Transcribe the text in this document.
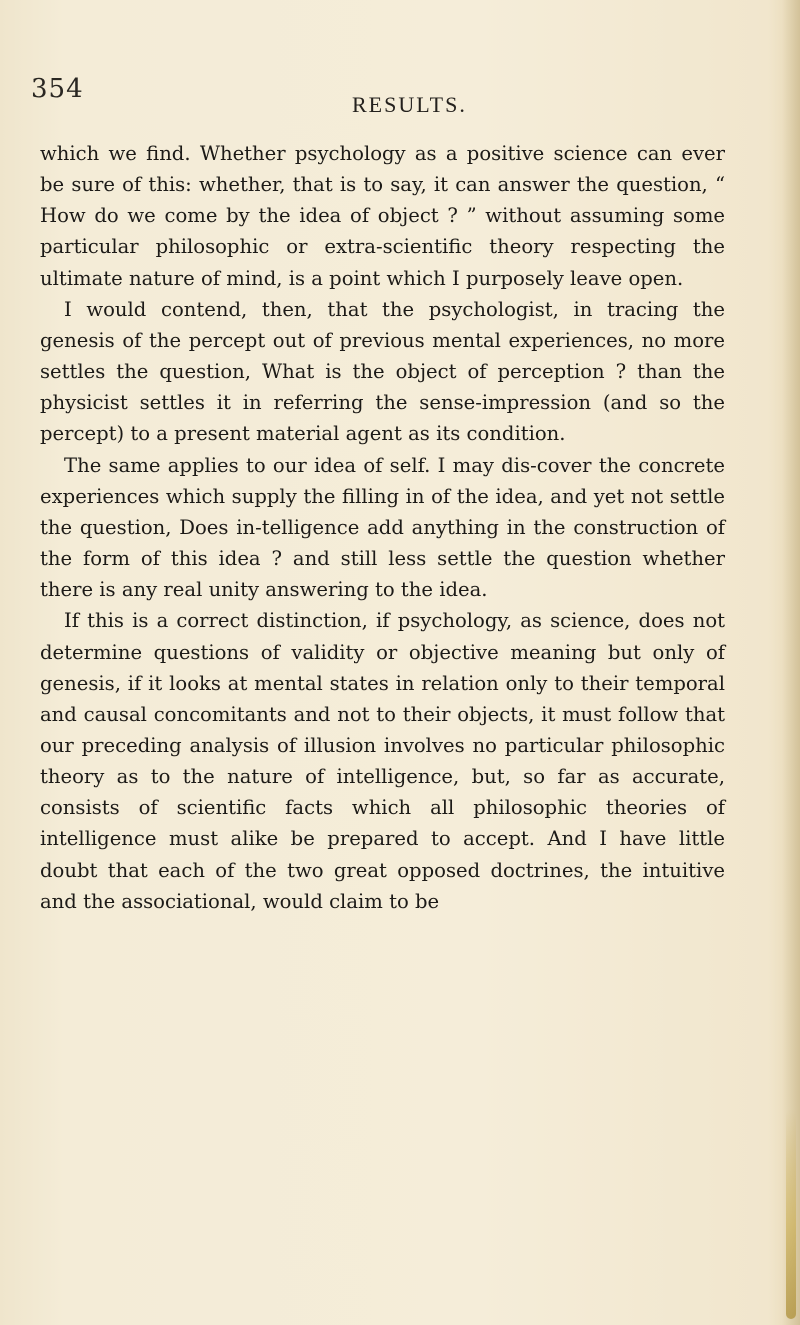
354
RESULTS.

which we find. Whether psychology as a positive science can ever be sure of this: whether, that is to say, it can answer the question, “ How do we come by the idea of object ? ” without assuming some particular philosophic or extra-scientific theory respecting the ultimate nature of mind, is a point which I purposely leave open.

I would contend, then, that the psychologist, in tracing the genesis of the percept out of previous mental experiences, no more settles the question, What is the object of perception ? than the physicist settles it in referring the sense-impression (and so the percept) to a present material agent as its condition.

The same applies to our idea of self. I may dis-cover the concrete experiences which supply the filling in of the idea, and yet not settle the question, Does in-telligence add anything in the construction of the form of this idea ? and still less settle the question whether there is any real unity answering to the idea.

If this is a correct distinction, if psychology, as science, does not determine questions of validity or objective meaning but only of genesis, if it looks at mental states in relation only to their temporal and causal concomitants and not to their objects, it must follow that our preceding analysis of illusion involves no particular philosophic theory as to the nature of intelligence, but, so far as accurate, consists of scientific facts which all philosophic theories of intelligence must alike be prepared to accept. And I have little doubt that each of the two great opposed doctrines, the intuitive and the associational, would claim to be
